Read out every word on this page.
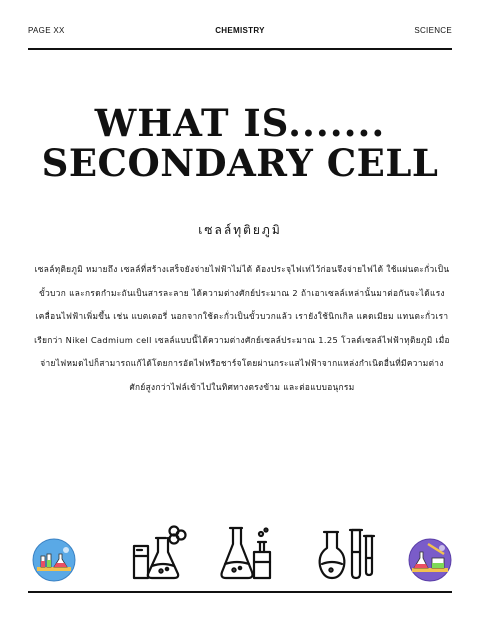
PAGE XX	CHEMISTRY	SCIENCE
WHAT IS.......
SECONDARY CELL
เซลล์ทุติยภูมิ
เซลล์ทุติยภูมิ หมายถึง เซลล์ที่สร้างเสร็จยังจ่ายไฟฟ้าไม่ได้ ต้องประจุไฟเท่ไว้ก่อนจึงจ่ายไฟได้ ใช้แผ่นตะกั่วเป็นขั้วบวก และกรดกำมะถันเป็นสารละลาย ได้ความต่างศักย์ประมาณ 2 ถ้าเอาเซลล์เหล่านั้นมาต่อกันจะได้แรงเคลื่อนไฟฟ้าเพิ่มขึ้น เช่น แบตเตอรี่ นอกจากใช้ตะกั่วเป็นขั้วบวกแล้ว เรายังใช้นิกเกิล แคดเมียม แทนตะกั่วเราเรียกว่า Nikel Cadmium cell เซลล์แบบนี้ได้ความต่างศักย์เซลล์ประมาณ 1.25 โวลต์เซลล์ไฟฟ้าทุติยภูมิ เมื่อจ่ายไฟหมดไปก็สามารถแก้ได้โดยการอัดไฟหรือชาร์จโดยผ่านกระแสไฟฟ้าจากแหล่งกำเนิดอื่นที่มีความต่างศักย์สูงกว่าไฟล์เข้าไปในทิศทางตรงข้าม และต่อแบบอนุกรม
